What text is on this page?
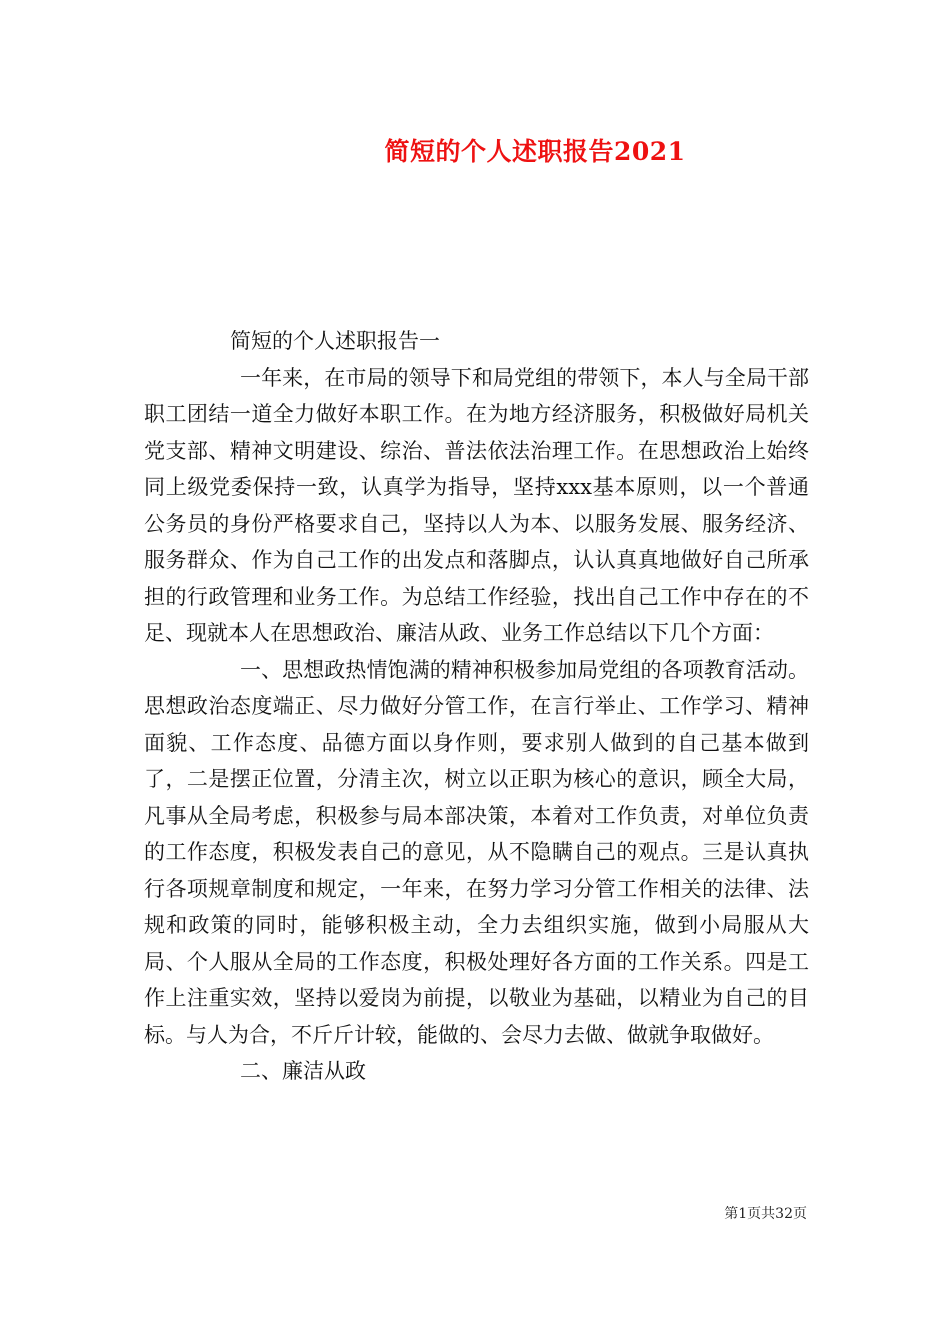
简短的个人述职报告2021

简短的个人述职报告一

一年来，在市局的领导下和局党组的带领下，本人与全局干部职工团结一道全力做好本职工作。在为地方经济服务，积极做好局机关党支部、精神文明建设、综治、普法依法治理工作。在思想政治上始终同上级党委保持一致，认真学为指导，坚持xxx基本原则，以一个普通公务员的身份严格要求自己，坚持以人为本、以服务发展、服务经济、服务群众、作为自己工作的出发点和落脚点，认认真真地做好自己所承担的行政管理和业务工作。为总结工作经验，找出自己工作中存在的不足、现就本人在思想政治、廉洁从政、业务工作总结以下几个方面：

一、思想政热情饱满的精神积极参加局党组的各项教育活动。思想政治态度端正、尽力做好分管工作，在言行举止、工作学习、精神面貌、工作态度、品德方面以身作则，要求别人做到的自己基本做到了，二是摆正位置，分清主次，树立以正职为核心的意识，顾全大局，凡事从全局考虑，积极参与局本部决策，本着对工作负责，对单位负责的工作态度，积极发表自己的意见，从不隐瞒自己的观点。三是认真执行各项规章制度和规定，一年来，在努力学习分管工作相关的法律、法规和政策的同时，能够积极主动，全力去组织实施，做到小局服从大局、个人服从全局的工作态度，积极处理好各方面的工作关系。四是工作上注重实效，坚持以爱岗为前提，以敬业为基础，以精业为自己的目标。与人为合，不斤斤计较，能做的、会尽力去做、做就争取做好。

二、廉洁从政

第1页共32页
